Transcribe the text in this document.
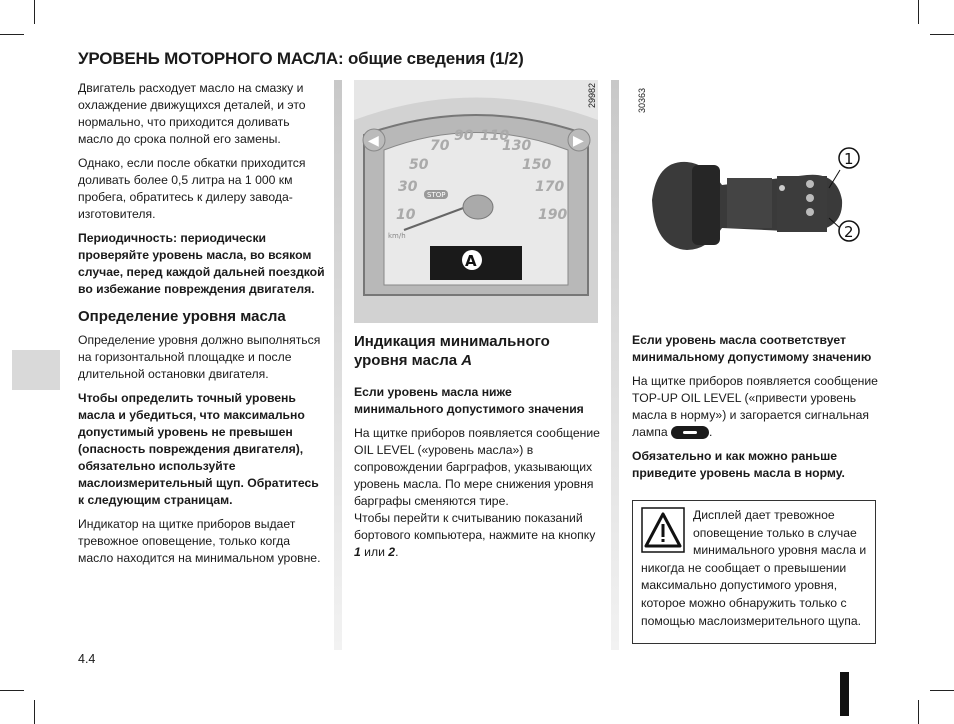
УРОВЕНЬ МОТОРНОГО МАСЛА: общие сведения (1/2)

Двигатель расходует масло на смазку и охлаждение движущихся деталей, и это нормально, что приходится доливать масло до срока полной его замены.

Однако, если после обкатки приходится доливать более 0,5 литра на 1 000 км пробега, обратитесь к дилеру завода-изготовителя.

Периодичность: периодически проверяйте уровень масла, во всяком случае, перед каждой дальней поездкой во избежание повреждения двигателя.

Определение уровня масла

Определение уровня должно выполняться на горизонтальной площадке и после длительной остановки двигателя.

Чтобы определить точный уровень масла и убедиться, что максимально допустимый уровень не превышен (опасность повреждения двигателя), обязательно используйте маслоизмерительный щуп. Обратитесь к следующим страницам.

Индикатор на щитке приборов выдает тревожное оповещение, только когда масло находится на минимальном уровне.

◀	▶
10
30
50
70
90 110
130
150
170
190
STOP
km/h
A
29982
1
2
30363
Индикация минимального уровня масла A

Если уровень масла ниже минимального допустимого значения

На щитке приборов появляется сообщение OIL LEVEL («уровень масла») в сопровождении барграфов, указывающих уровень масла. По мере снижения уровня барграфы сменяются тире.

Чтобы перейти к считыванию показаний бортового компьютера, нажмите на кнопку 1 или 2.

Если уровень масла соответствует минимальному допустимому значению

На щитке приборов появляется сообщение TOP-UP OIL LEVEL («привести уровень масла в норму») и загорается сигнальная лампа	.

Обязательно и как можно раньше приведите уровень масла в норму.

Дисплей дает тревожное оповещение только в случае минимального уровня масла и никогда не сообщает о превышении максимально допустимого уровня, которое можно обнаружить только с помощью маслоизмерительного щупа.
4.4
